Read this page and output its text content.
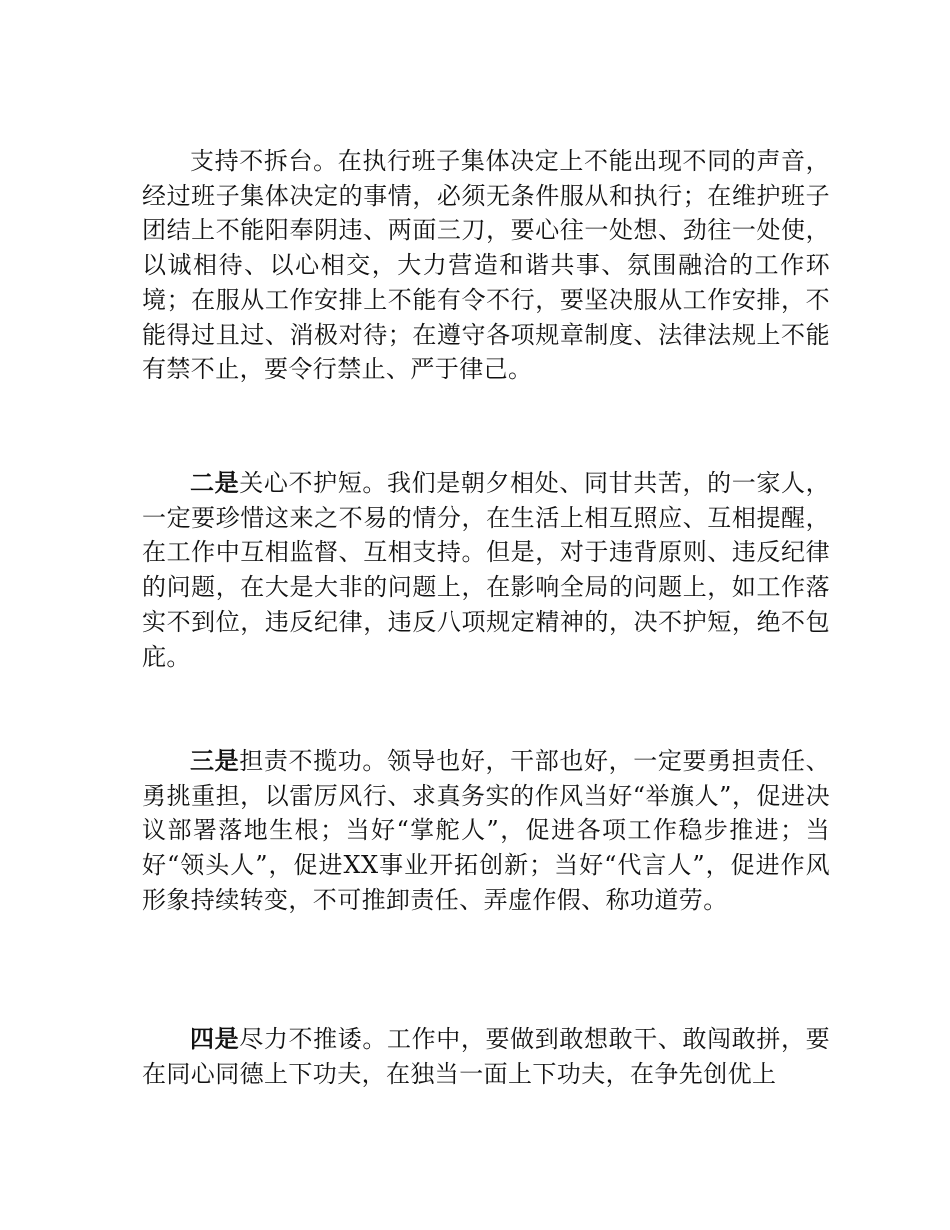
支持不拆台。在执行班子集体决定上不能出现不同的声音，经过班子集体决定的事情，必须无条件服从和执行；在维护班子团结上不能阳奉阴违、两面三刀，要心往一处想、劲往一处使，以诚相待、以心相交，大力营造和谐共事、氛围融洽的工作环境；在服从工作安排上不能有令不行，要坚决服从工作安排，不能得过且过、消极对待；在遵守各项规章制度、法律法规上不能有禁不止，要令行禁止、严于律己。

二是关心不护短。我们是朝夕相处、同甘共苦，的一家人，一定要珍惜这来之不易的情分，在生活上相互照应、互相提醒，在工作中互相监督、互相支持。但是，对于违背原则、违反纪律的问题，在大是大非的问题上，在影响全局的问题上，如工作落实不到位，违反纪律，违反八项规定精神的，决不护短，绝不包庇。

三是担责不揽功。领导也好，干部也好，一定要勇担责任、勇挑重担，以雷厉风行、求真务实的作风当好“举旗人”，促进决议部署落地生根；当好“掌舵人”，促进各项工作稳步推进；当好“领头人”，促进XX事业开拓创新；当好“代言人”，促进作风形象持续转变，不可推卸责任、弄虚作假、称功道劳。

四是尽力不推诿。工作中，要做到敢想敢干、敢闯敢拼，要在同心同德上下功夫，在独当一面上下功夫，在争先创优上
